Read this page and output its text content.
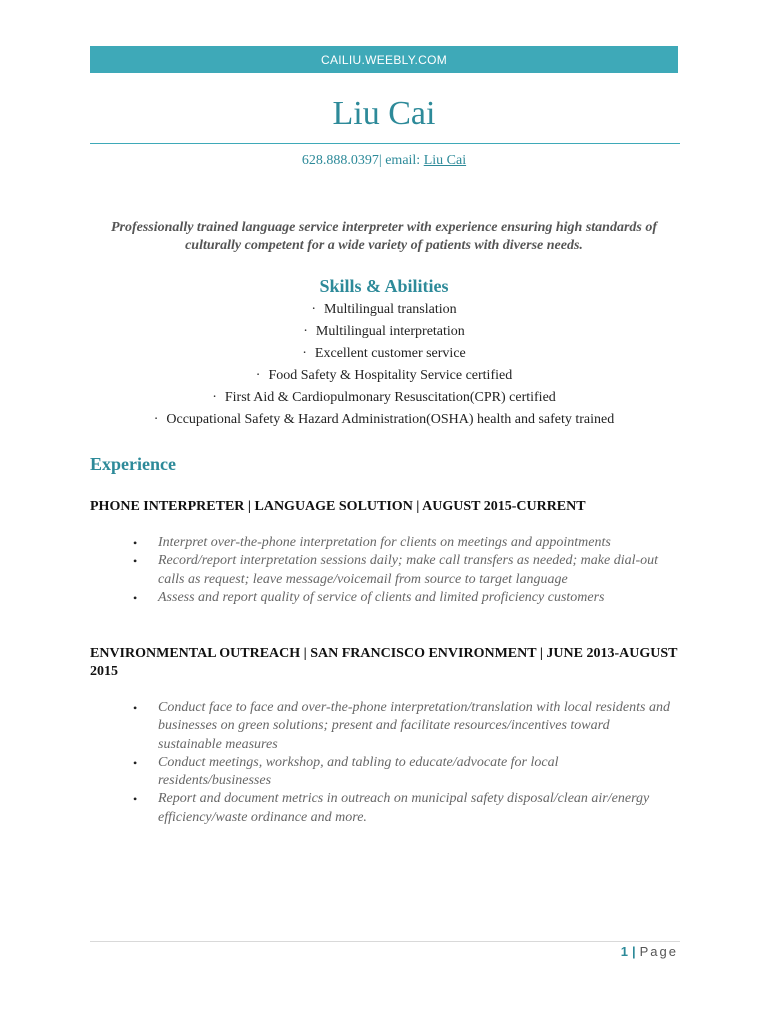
CAILIU.WEEBLY.COM
Liu Cai
628.888.0397| email: Liu Cai
Professionally trained language service interpreter with experience ensuring high standards of culturally competent for a wide variety of patients with diverse needs.
Skills & Abilities
· Multilingual translation
· Multilingual interpretation
· Excellent customer service
· Food Safety & Hospitality Service certified
· First Aid & Cardiopulmonary Resuscitation(CPR) certified
· Occupational Safety & Hazard Administration(OSHA) health and safety trained
Experience
PHONE INTERPRETER | LANGUAGE SOLUTION | AUGUST 2015-CURRENT
• Interpret over-the-phone interpretation for clients on meetings and appointments
• Record/report interpretation sessions daily; make call transfers as needed; make dial-out calls as request; leave message/voicemail from source to target language
• Assess and report quality of service of clients and limited proficiency customers
ENVIRONMENTAL OUTREACH | SAN FRANCISCO ENVIRONMENT | JUNE 2013-AUGUST 2015
• Conduct face to face and over-the-phone interpretation/translation with local residents and businesses on green solutions; present and facilitate resources/incentives toward sustainable measures
• Conduct meetings, workshop, and tabling to educate/advocate for local residents/businesses
• Report and document metrics in outreach on municipal safety disposal/clean air/energy efficiency/waste ordinance and more.
1 | Page
